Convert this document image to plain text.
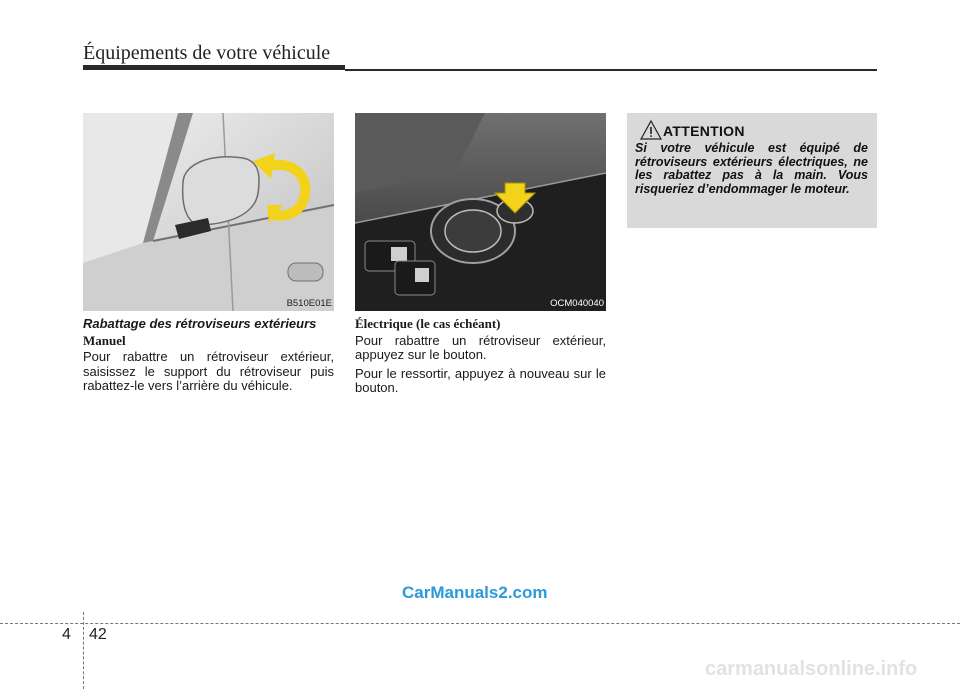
Équipements de votre véhicule
B510E01E	OCM040040
Rabattage des rétroviseurs extérieurs
Manuel

Pour rabattre un rétroviseur extérieur, saisissez le support du rétroviseur puis rabattez-le vers l’arrière du véhicule.

Électrique (le cas échéant)

Pour rabattre un rétroviseur extérieur, appuyez sur le bouton.

Pour le ressortir, appuyez à nouveau sur le bouton.

ATTENTION
Si votre véhicule est équipé de rétroviseurs extérieurs électriques, ne les rabattez pas à la main. Vous risqueriez d’endommager le moteur.
CarManuals2.com
4 42
carmanualsonline.info
